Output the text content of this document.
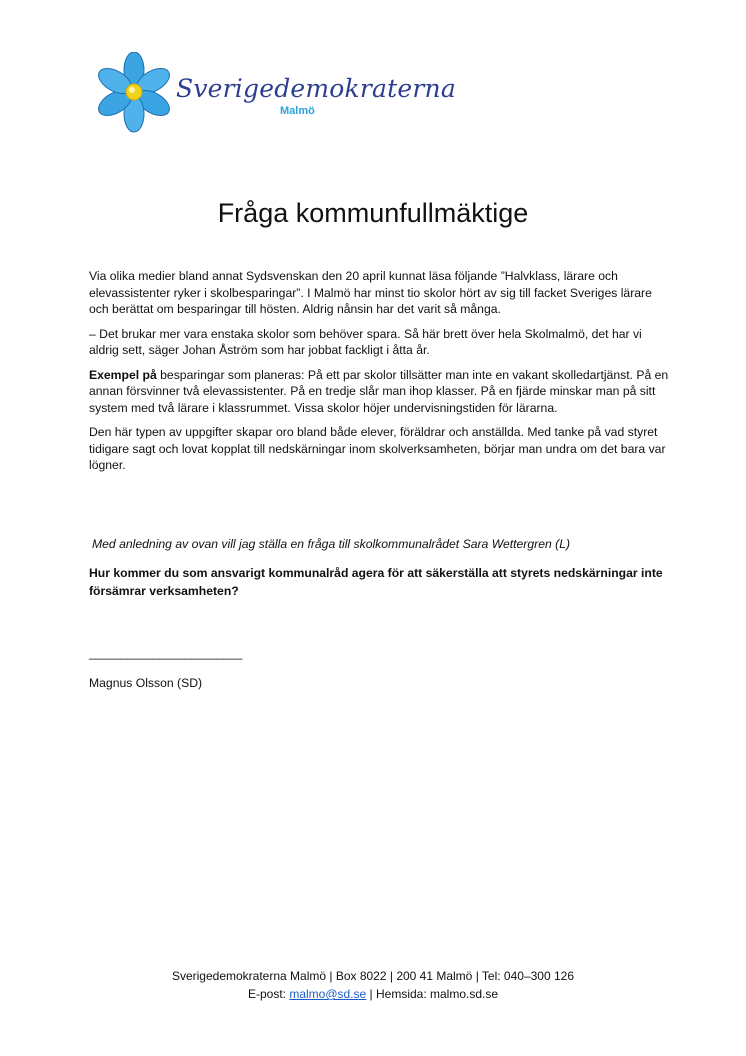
Sverigedemokraterna
Malmö
Fråga kommunfullmäktige

Via olika medier bland annat Sydsvenskan den 20 april kunnat läsa följande ”Halvklass, lärare och elevassistenter ryker i skolbesparingar”. I Malmö har minst tio skolor hört av sig till facket Sveriges lärare och berättat om besparingar till hösten. Aldrig nånsin har det varit så många.

– Det brukar mer vara enstaka skolor som behöver spara. Så här brett över hela Skolmalmö, det har vi aldrig sett, säger Johan Åström som har jobbat fackligt i åtta år.

Exempel på besparingar som planeras: På ett par skolor tillsätter man inte en vakant skolledartjänst. På en annan försvinner två elevassistenter. På en tredje slår man ihop klasser. På en fjärde minskar man på sitt system med två lärare i klassrummet. Vissa skolor höjer undervisningstiden för lärarna.

Den här typen av uppgifter skapar oro bland både elever, föräldrar och anställda. Med tanke på vad styret tidigare sagt och lovat kopplat till nedskärningar inom skolverksamheten, börjar man undra om det bara var lögner.

Med anledning av ovan vill jag ställa en fråga till skolkommunalrådet Sara Wettergren (L)

Hur kommer du som ansvarigt kommunalråd agera för att säkerställa att styrets nedskärningar inte försämrar verksamheten?

________________________

Magnus Olsson (SD)

Sverigedemokraterna Malmö | Box 8022 | 200 41 Malmö | Tel: 040–300 126
E-post: malmo@sd.se | Hemsida: malmo.sd.se
